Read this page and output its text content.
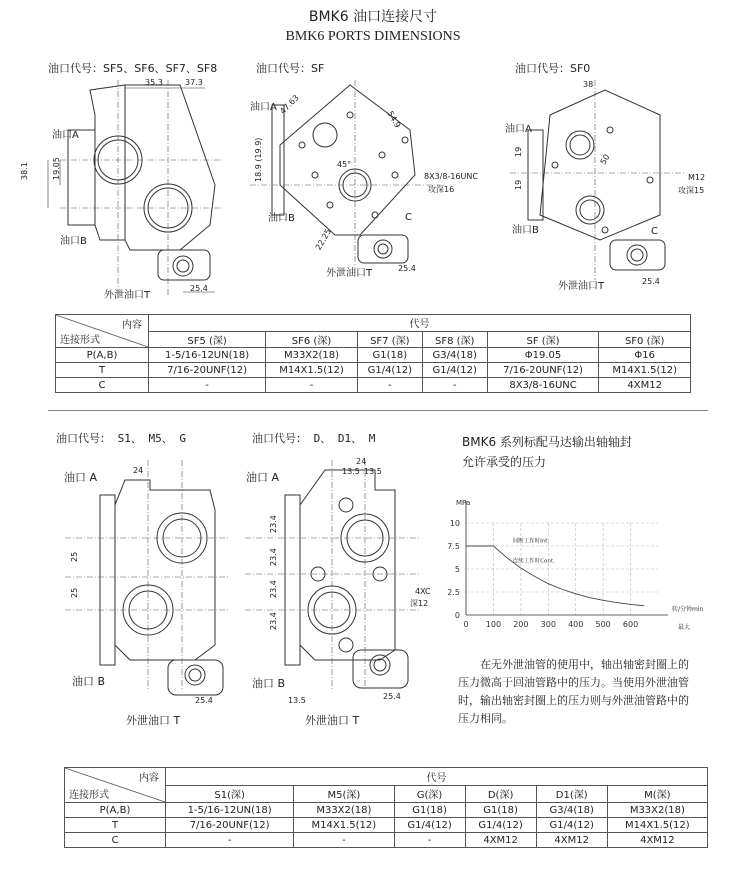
BMK6 油口连接尺寸
BMK6 PORTS DIMENSIONS
油口代号：SF5、SF6、SF7、SF8
35.3	37.3
38.1	19.05
油口A
油口B
外泄油口T
25.4
油口代号：SF
47.63
54.9
18.9 (19.9)	45°
22.25
25.4
8X3/8-16UNC
攻深16
油口A
油口B	C
外泄油口T
油口代号：SF0
38
50
19
19
25.4
M12
攻深15
油口A
油口B	C
外泄油口T
内容
连接形式	代号					
	SF5 (深)	SF6 (深)	SF7 (深)	SF8 (深)	SF (深)	SF0 (深)
P(A,B)	1-5/16-12UN(18)	M33X2(18)	G1(18)	G3/4(18)	Φ19.05	Φ16
T	7/16-20UNF(12)	M14X1.5(12)	G1/4(12)	G1/4(12)	7/16-20UNF(12)	M14X1.5(12)
C	-	-	-	-	8X3/8-16UNC	4XM12
油口代号： S1、 M5、 G
24
25
25
25.4
油口 A
油口 B
外泄油口 T
油口代号： D、 D1、 M
24
13.5 13.5
23.4
23.4
23.4
23.4
4XC
深12
13.5	25.4
油口 A
油口 B
外泄油口 T
BMK6 系列标配马达输出轴轴封
允许承受的压力
0 100 200 300 400 500 600
0
2.5
5
7.5
10
MPa
转/分钟min
最大
间断工作时Int.
连续工作时Cont.
在无外泄油管的使用中，轴出轴密封圈上的
压力微高于回油管路中的压力。当使用外泄油管
时，输出轴密封圈上的压力则与外泄油管路中的
压力相同。
内容
连接形式	代号					
	S1(深)	M5(深)	G(深)	D(深)	D1(深)	M(深)
P(A,B)	1-5/16-12UN(18)	M33X2(18)	G1(18)	G1(18)	G3/4(18)	M33X2(18)
T	7/16-20UNF(12)	M14X1.5(12)	G1/4(12)	G1/4(12)	G1/4(12)	M14X1.5(12)
C	-	-	-	4XM12	4XM12	4XM12
